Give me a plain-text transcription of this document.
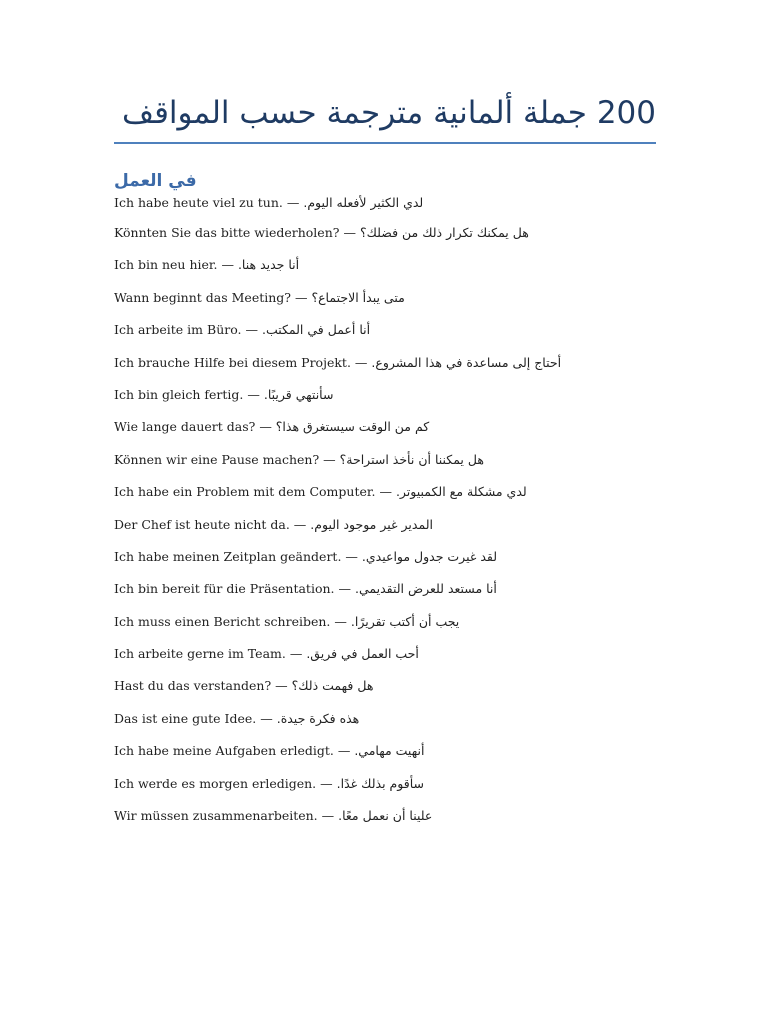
200 جملة ألمانية مترجمة حسب المواقف
في العمل
Ich habe heute viel zu tun. — لدي الكثير لأفعله اليوم.
Könnten Sie das bitte wiederholen? — هل يمكنك تكرار ذلك من فضلك؟
Ich bin neu hier. — أنا جديد هنا.
Wann beginnt das Meeting? — متى يبدأ الاجتماع؟
Ich arbeite im Büro. — أنا أعمل في المكتب.
Ich brauche Hilfe bei diesem Projekt. — أحتاج إلى مساعدة في هذا المشروع.
Ich bin gleich fertig. — سأنتهي قريبًا.
Wie lange dauert das? — كم من الوقت سيستغرق هذا؟
Können wir eine Pause machen? — هل يمكننا أن نأخذ استراحة؟
Ich habe ein Problem mit dem Computer. — لدي مشكلة مع الكمبيوتر.
Der Chef ist heute nicht da. — المدير غير موجود اليوم.
Ich habe meinen Zeitplan geändert. — لقد غيرت جدول مواعيدي.
Ich bin bereit für die Präsentation. — أنا مستعد للعرض التقديمي.
Ich muss einen Bericht schreiben. — يجب أن أكتب تقريرًا.
Ich arbeite gerne im Team. — أحب العمل في فريق.
Hast du das verstanden? — هل فهمت ذلك؟
Das ist eine gute Idee. — هذه فكرة جيدة.
Ich habe meine Aufgaben erledigt. — أنهيت مهامي.
Ich werde es morgen erledigen. — سأقوم بذلك غدًا.
Wir müssen zusammenarbeiten. — علينا أن نعمل معًا.
